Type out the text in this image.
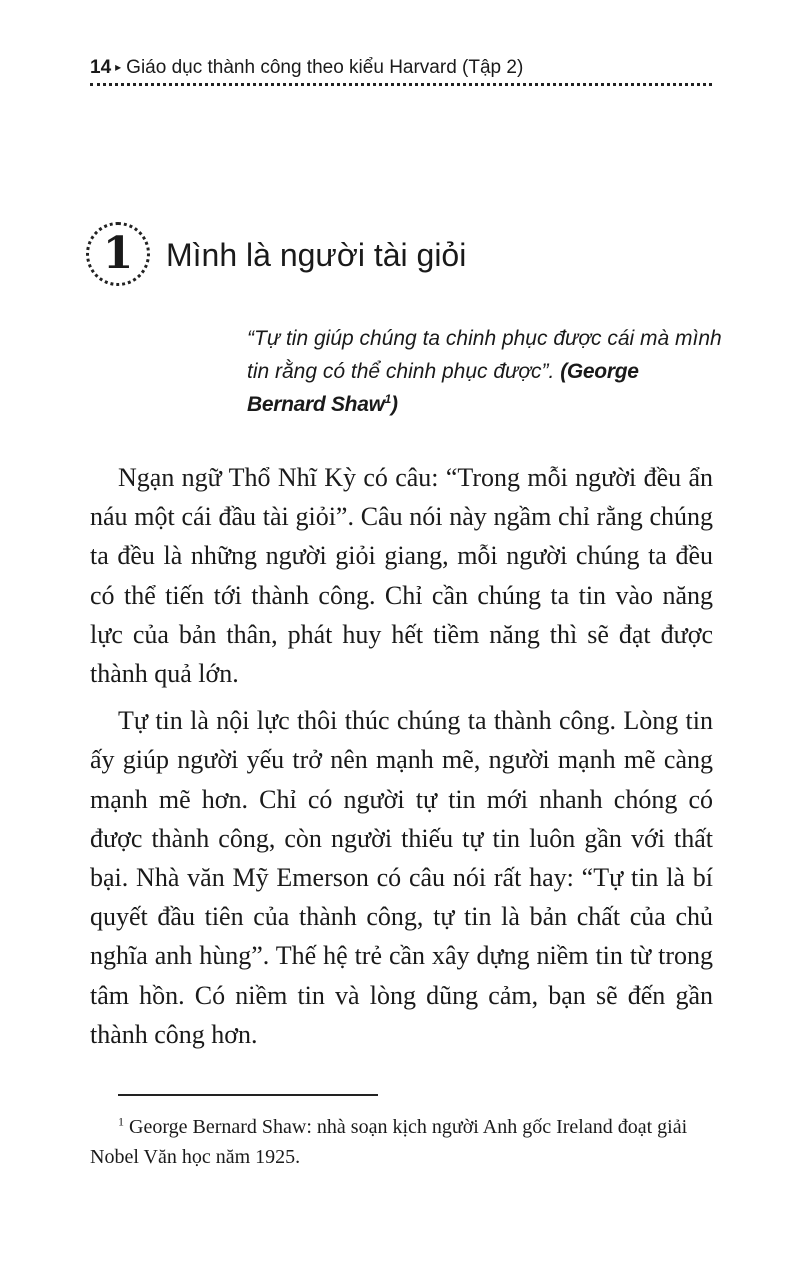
14 ▸ Giáo dục thành công theo kiểu Harvard (Tập 2)
1 Mình là người tài giỏi
“Tự tin giúp chúng ta chinh phục được cái mà mình tin rằng có thể chinh phục được”. (George Bernard Shaw$^1$)

Ngạn ngữ Thổ Nhĩ Kỳ có câu: “Trong mỗi người đều ẩn náu một cái đầu tài giỏi”. Câu nói này ngầm chỉ rằng chúng ta đều là những người giỏi giang, mỗi người chúng ta đều có thể tiến tới thành công. Chỉ cần chúng ta tin vào năng lực của bản thân, phát huy hết tiềm năng thì sẽ đạt được thành quả lớn.

Tự tin là nội lực thôi thúc chúng ta thành công. Lòng tin ấy giúp người yếu trở nên mạnh mẽ, người mạnh mẽ càng mạnh mẽ hơn. Chỉ có người tự tin mới nhanh chóng có được thành công, còn người thiếu tự tin luôn gần với thất bại. Nhà văn Mỹ Emerson có câu nói rất hay: “Tự tin là bí quyết đầu tiên của thành công, tự tin là bản chất của chủ nghĩa anh hùng”. Thế hệ trẻ cần xây dựng niềm tin từ trong tâm hồn. Có niềm tin và lòng dũng cảm, bạn sẽ đến gần thành công hơn.

$^1$ George Bernard Shaw: nhà soạn kịch người Anh gốc Ireland đoạt giải Nobel Văn học năm 1925.
